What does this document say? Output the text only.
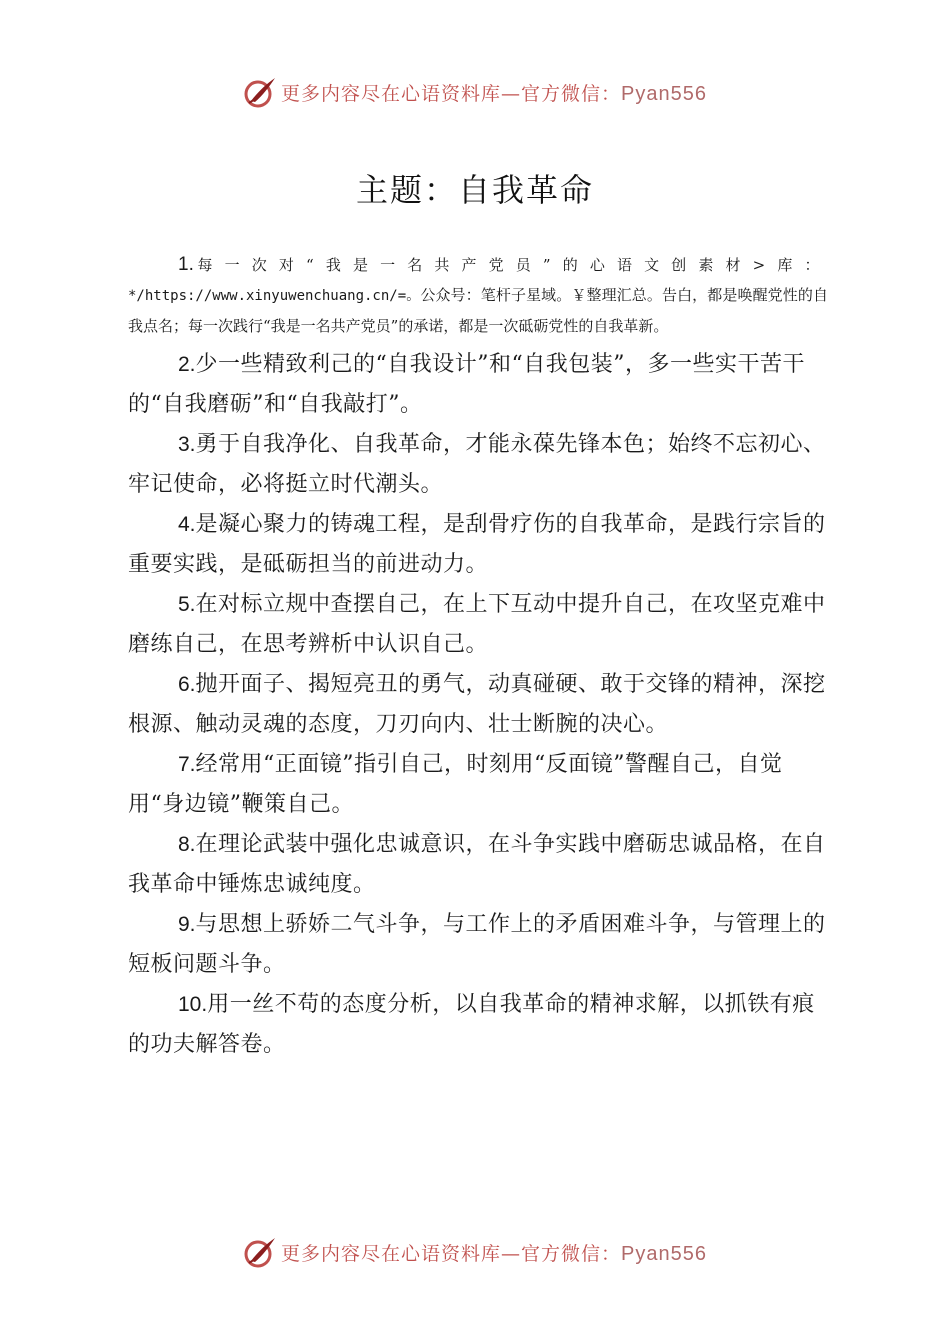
更多内容尽在心语资料库—官方微信：Pyan556
主题：自我革命

1.每一次对“我是一名共产党员”的心语文创素材>库：*/https://www.xinyuwenchuang.cn/=。公众号：笔杆子星域。￥整理汇总。告白，都是唤醒党性的自我点名；每一次践行“我是一名共产党员”的承诺，都是一次砥砺党性的自我革新。

2.少一些精致利己的“自我设计”和“自我包装”，多一些实干苦干的“自我磨砺”和“自我敲打”。

3.勇于自我净化、自我革命，才能永葆先锋本色；始终不忘初心、牢记使命，必将挺立时代潮头。

4.是凝心聚力的铸魂工程，是刮骨疗伤的自我革命，是践行宗旨的重要实践，是砥砺担当的前进动力。

5.在对标立规中查摆自己，在上下互动中提升自己，在攻坚克难中磨练自己，在思考辨析中认识自己。

6.抛开面子、揭短亮丑的勇气，动真碰硬、敢于交锋的精神，深挖根源、触动灵魂的态度，刀刃向内、壮士断腕的决心。

7.经常用“正面镜”指引自己，时刻用“反面镜”警醒自己，自觉用“身边镜”鞭策自己。

8.在理论武装中强化忠诚意识，在斗争实践中磨砺忠诚品格，在自我革命中锤炼忠诚纯度。

9.与思想上骄娇二气斗争，与工作上的矛盾困难斗争，与管理上的短板问题斗争。

10.用一丝不苟的态度分析，以自我革命的精神求解，以抓铁有痕的功夫解答卷。

更多内容尽在心语资料库—官方微信：Pyan556
